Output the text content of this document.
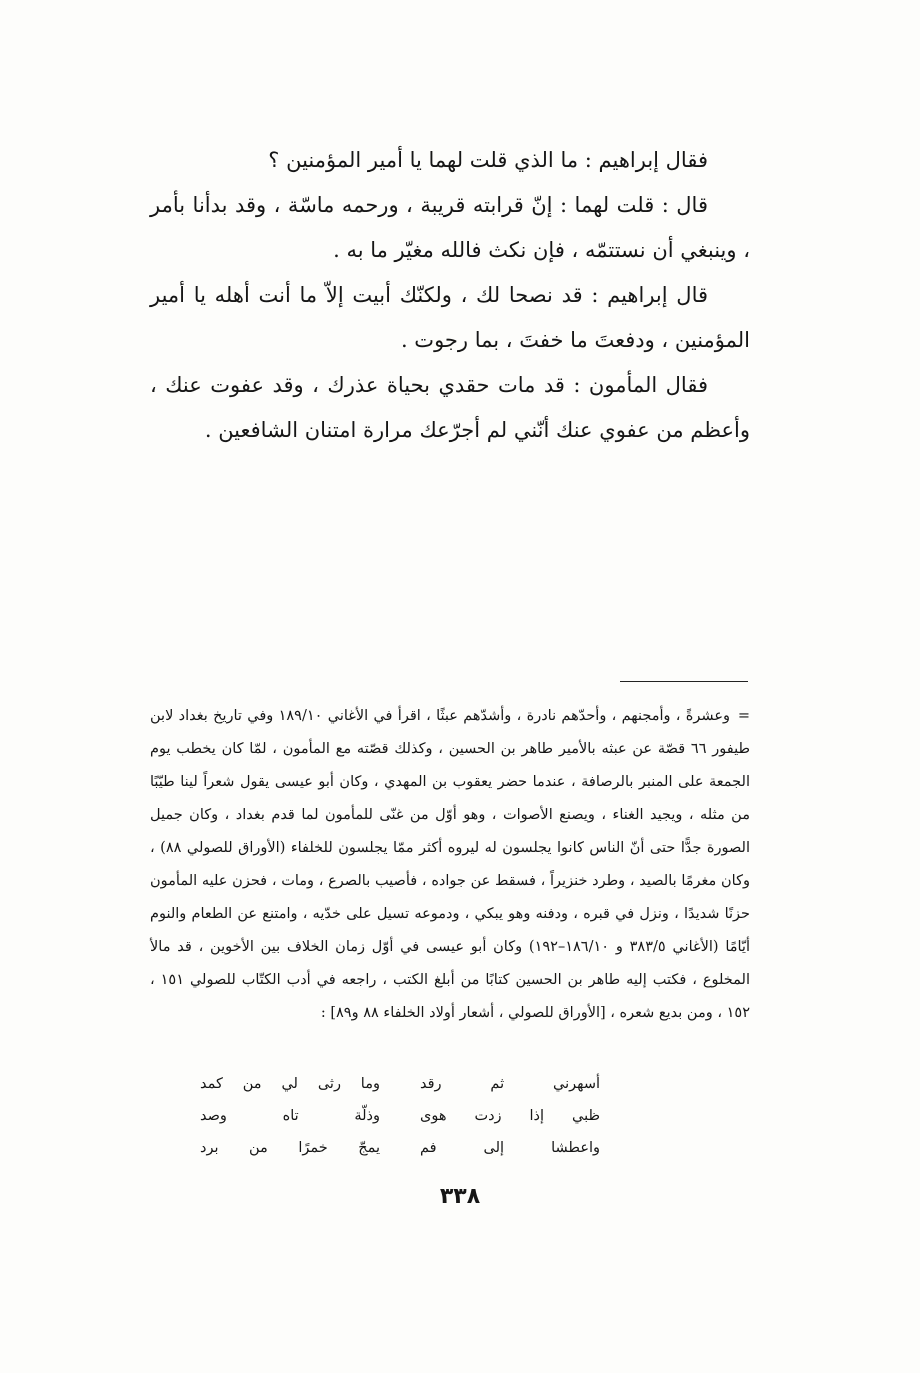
فقال إبراهيم : ما الذي قلت لهما يا أمير المؤمنين ؟

قال : قلت لهما : إنّ قرابته قريبة ، ورحمه ماسّة ، وقد بدأنا بأمر ، وينبغي أن نستتمّه ، فإن نكث فالله مغيّر ما به .

قال إبراهيم : قد نصحا لك ، ولكنّك أبيت إلاّ ما أنت أهله يا أمير المؤمنين ، ودفعتَ ما خفتَ ، بما رجوت .

فقال المأمون : قد مات حقدي بحياة عذرك ، وقد عفوت عنك ، وأعظم من عفوي عنك أنّني لم أجرّعك مرارة امتنان الشافعين .

=وعشرةً ، وأمجنهم ، وأحدّهم نادرة ، وأشدّهم عبثًا ، اقرأ في الأغاني ١٨٩/١٠ وفي تاريخ بغداد لابن طيفور ٦٦ قصّة عن عبثه بالأمير طاهر بن الحسين ، وكذلك قصّته مع المأمون ، لمّا كان يخطب يوم الجمعة على المنبر بالرصافة ، عندما حضر يعقوب بن المهدي ، وكان أبو عيسى يقول شعراً لينا طيّبًا من مثله ، ويجيد الغناء ، ويصنع الأصوات ، وهو أوّل من غنّى للمأمون لما قدم بغداد ، وكان جميل الصورة جدًّا حتى أنّ الناس كانوا يجلسون له ليروه أكثر ممّا يجلسون للخلفاء (الأوراق للصولي ٨٨) ، وكان مغرمًا بالصيد ، وطرد خنزيراً ، فسقط عن جواده ، فأصيب بالصرع ، ومات ، فحزن عليه المأمون حزنًا شديدًا ، ونزل في قبره ، ودفنه وهو يبكي ، ودموعه تسيل على خدّيه ، وامتنع عن الطعام والنوم أيّامًا (الأغاني ٣٨٣/٥ و ١٨٦/١٠–١٩٢) وكان أبو عيسى في أوّل زمان الخلاف بين الأخوين ، قد مالأ المخلوع ، فكتب إليه طاهر بن الحسين كتابًا من أبلغ الكتب ، راجعه في أدب الكتّاب للصولي ١٥١ ، ١٥٢ ، ومن بديع شعره ، [الأوراق للصولي ، أشعار أولاد الخلفاء ٨٨ و٨٩] :

أسهرني ثم رقد
وما رثى لي من كمد
ظبي إذا زدت هوى
وذلّة تاه وصد
واعطشا إلى فم
يمجّ خمرًا من برد
٣٣٨
